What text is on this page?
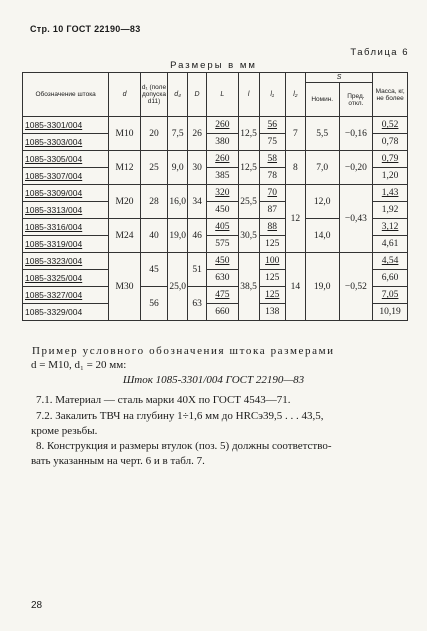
Стр. 10 ГОСТ 22190—83
Таблица 6
Размеры в мм
Обозначение штока	d	d₁ (поле допуска d11)	d₄	D	L	l	l₁	l₂	S		Масса, кг, не более
									Номин.	Пред. откл.	
1085-3301/004	M10	20	7,5	26	260	12,5	56	7	5,5	−0,16	0,52
1085-3303/004					380		75				0,78
1085-3305/004	M12	25	9,0	30	260	12,5	58	8	7,0	−0,20	0,79
1085-3307/004					385		78				1,20
1085-3309/004	M20	28	16,0	34	320	25,5	70	12	12,0	−0,43	1,43
1085-3313/004					450		87				1,92
1085-3316/004	M24	40	19,0	46	405	30,5	88		14,0		3,12
1085-3319/004					575		125				4,61
1085-3323/004	M30	45	25,0	51	450	38,5	100	14	19,0	−0,52	4,54
1085-3325/004					630		125				6,60
1085-3327/004		56		63	475		125				7,05
1085-3329/004					660		138				10,19
Пример условного обозначения штока размерами
d = M10, d₁ = 20 мм:
Шток 1085-3301/004 ГОСТ 22190—83
7.1. Материал — сталь марки 40Х по ГОСТ 4543—71.
7.2. Закалить ТВЧ на глубину 1÷1,6 мм до HRCэ39,5 . . . 43,5,
кроме резьбы.
8. Конструкция и размеры втулок (поз. 5) должны соответство-
вать указанным на черт. 6 и в табл. 7.
28
